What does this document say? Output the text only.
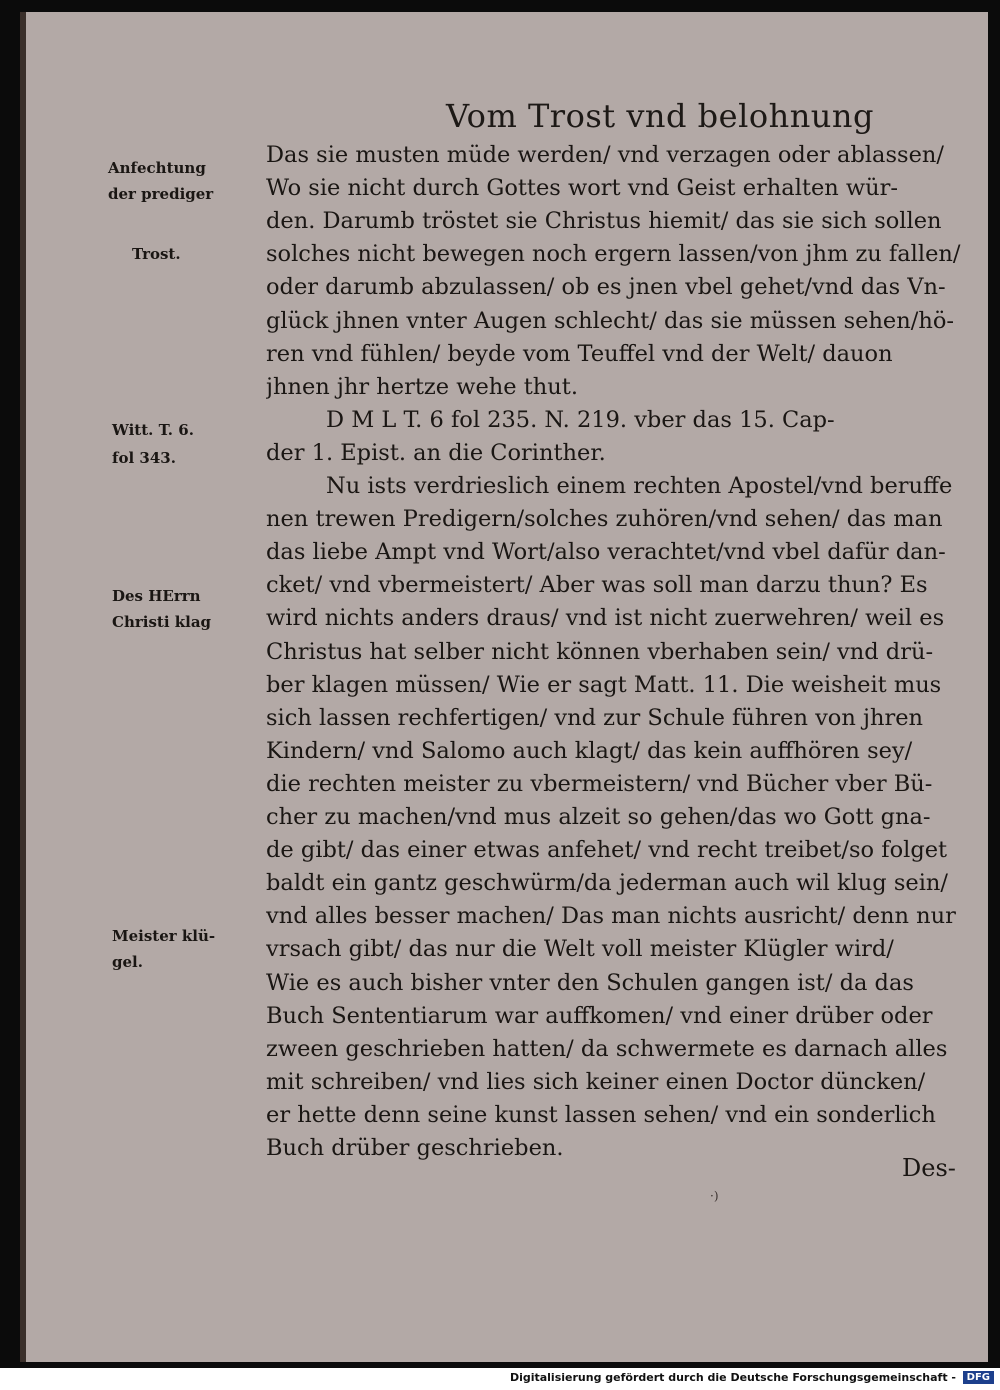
Vom Trost vnd belohnung
Anfechtung
der prediger
Trost.
Witt. T. 6.
fol 343.
Des HErrn
Christi klag
Meister klü-
gel.
Das sie musten müde werden/ vnd verzagen oder ablassen/
Wo sie nicht durch Gottes wort vnd Geist erhalten wür-
den. Darumb tröstet sie Christus hiemit/ das sie sich sollen
solches nicht bewegen noch ergern lassen/von jhm zu fallen/
oder darumb abzulassen/ ob es jnen vbel gehet/vnd das Vn-
glück jhnen vnter Augen schlecht/ das sie müssen sehen/hö-
ren vnd fühlen/ beyde vom Teuffel vnd der Welt/ dauon
jhnen jhr hertze wehe thut.
D M L T. 6 fol 235. N. 219. vber das 15. Cap-
der 1. Epist. an die Corinther.
Nu ists verdrieslich einem rechten Apostel/vnd beruffe
nen trewen Predigern/solches zuhören/vnd sehen/ das man
das liebe Ampt vnd Wort/also verachtet/vnd vbel dafür dan-
cket/ vnd vbermeistert/ Aber was soll man darzu thun? Es
wird nichts anders draus/ vnd ist nicht zuerwehren/ weil es
Christus hat selber nicht können vberhaben sein/ vnd drü-
ber klagen müssen/ Wie er sagt Matt. 11. Die weisheit mus
sich lassen rechfertigen/ vnd zur Schule führen von jhren
Kindern/ vnd Salomo auch klagt/ das kein auffhören sey/
die rechten meister zu vbermeistern/ vnd Bücher vber Bü-
cher zu machen/vnd mus alzeit so gehen/das wo Gott gna-
de gibt/ das einer etwas anfehet/ vnd recht treibet/so folget
baldt ein gantz geschwürm/da jederman auch wil klug sein/
vnd alles besser machen/ Das man nichts ausricht/ denn nur
vrsach gibt/ das nur die Welt voll meister Klügler wird/
Wie es auch bisher vnter den Schulen gangen ist/ da das
Buch Sententiarum war auffkomen/ vnd einer drüber oder
zween geschrieben hatten/ da schwermete es darnach alles
mit schreiben/ vnd lies sich keiner einen Doctor düncken/
er hette denn seine kunst lassen sehen/ vnd ein sonderlich
Buch drüber geschrieben.
Des-
·)
Digitalisierung gefördert durch die Deutsche Forschungsgemeinschaft -	DFG
